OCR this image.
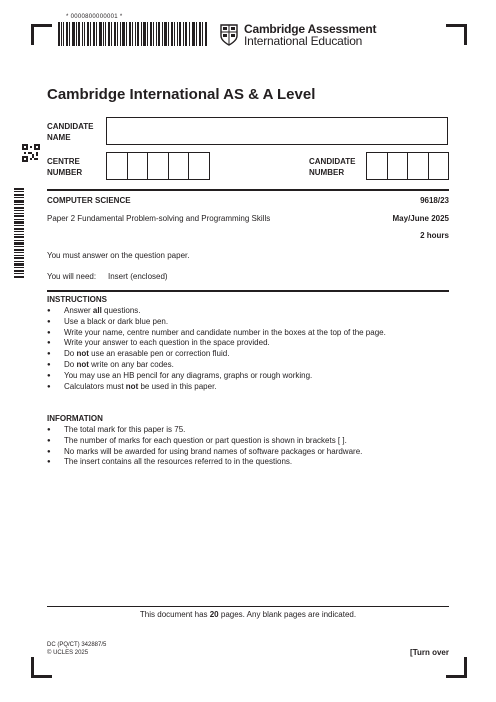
* 0000800000001 *
Cambridge Assessment
International Education
Cambridge International AS & A Level
CANDIDATE
NAME
CENTRE
NUMBER
CANDIDATE
NUMBER
COMPUTER SCIENCE	9618/23
Paper 2 Fundamental Problem-solving and Programming Skills	May/June 2025
2 hours
You must answer on the question paper.
You will need: Insert (enclosed)
INSTRUCTIONS
● Answer all questions.
● Use a black or dark blue pen.
● Write your name, centre number and candidate number in the boxes at the top of the page.
● Write your answer to each question in the space provided.
● Do not use an erasable pen or correction fluid.
● Do not write on any bar codes.
● You may use an HB pencil for any diagrams, graphs or rough working.
● Calculators must not be used in this paper.
INFORMATION
● The total mark for this paper is 75.
● The number of marks for each question or part question is shown in brackets [ ].
● No marks will be awarded for using brand names of software packages or hardware.
● The insert contains all the resources referred to in the questions.
This document has 20 pages. Any blank pages are indicated.
DC (PQ/CT) 342887/5
© UCLES 2025	[Turn over
